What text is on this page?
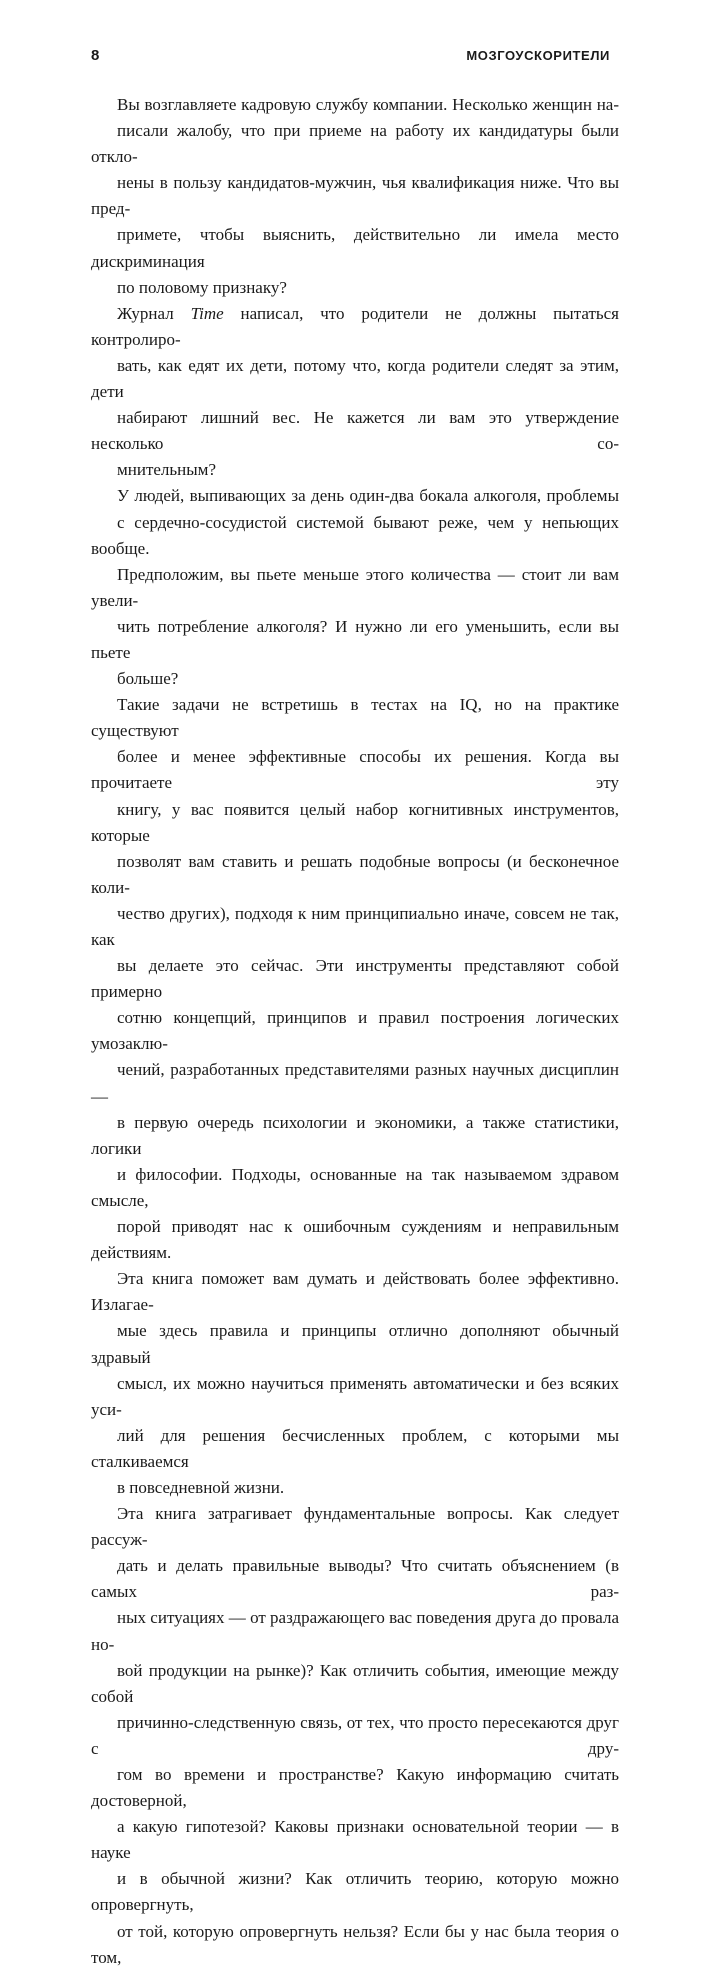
8	МОЗГОУСКОРИТЕЛИ
Вы возглавляете кадровую службу компании. Несколько женщин на-
писали жалобу, что при приеме на работу их кандидатуры были откло-
нены в пользу кандидатов-мужчин, чья квалификация ниже. Что вы пред-
примете, чтобы выяснить, действительно ли имела место дискриминация
по половому признаку?
Журнал Time написал, что родители не должны пытаться контролиро-
вать, как едят их дети, потому что, когда родители следят за этим, дети
набирают лишний вес. Не кажется ли вам это утверждение несколько со-
мнительным?
У людей, выпивающих за день один-два бокала алкоголя, проблемы
с сердечно-сосудистой системой бывают реже, чем у непьющих вообще.
Предположим, вы пьете меньше этого количества — стоит ли вам увели-
чить потребление алкоголя? И нужно ли его уменьшить, если вы пьете
больше?
Такие задачи не встретишь в тестах на IQ, но на практике существуют
более и менее эффективные способы их решения. Когда вы прочитаете эту
книгу, у вас появится целый набор когнитивных инструментов, которые
позволят вам ставить и решать подобные вопросы (и бесконечное коли-
чество других), подходя к ним принципиально иначе, совсем не так, как
вы делаете это сейчас. Эти инструменты представляют собой примерно
сотню концепций, принципов и правил построения логических умозаклю-
чений, разработанных представителями разных научных дисциплин —
в первую очередь психологии и экономики, а также статистики, логики
и философии. Подходы, основанные на так называемом здравом смысле,
порой приводят нас к ошибочным суждениям и неправильным действиям.
Эта книга поможет вам думать и действовать более эффективно. Излагае-
мые здесь правила и принципы отлично дополняют обычный здравый
смысл, их можно научиться применять автоматически и без всяких уси-
лий для решения бесчисленных проблем, с которыми мы сталкиваемся
в повседневной жизни.
Эта книга затрагивает фундаментальные вопросы. Как следует рассуж-
дать и делать правильные выводы? Что считать объяснением (в самых раз-
ных ситуациях — от раздражающего вас поведения друга до провала но-
вой продукции на рынке)? Как отличить события, имеющие между собой
причинно-следственную связь, от тех, что просто пересекаются друг с дру-
гом во времени и пространстве? Какую информацию считать достоверной,
а какую гипотезой? Каковы признаки основательной теории — в науке
и в обычной жизни? Как отличить теорию, которую можно опровергнуть,
от той, которую опровергнуть нельзя? Если бы у нас была теория о том,
